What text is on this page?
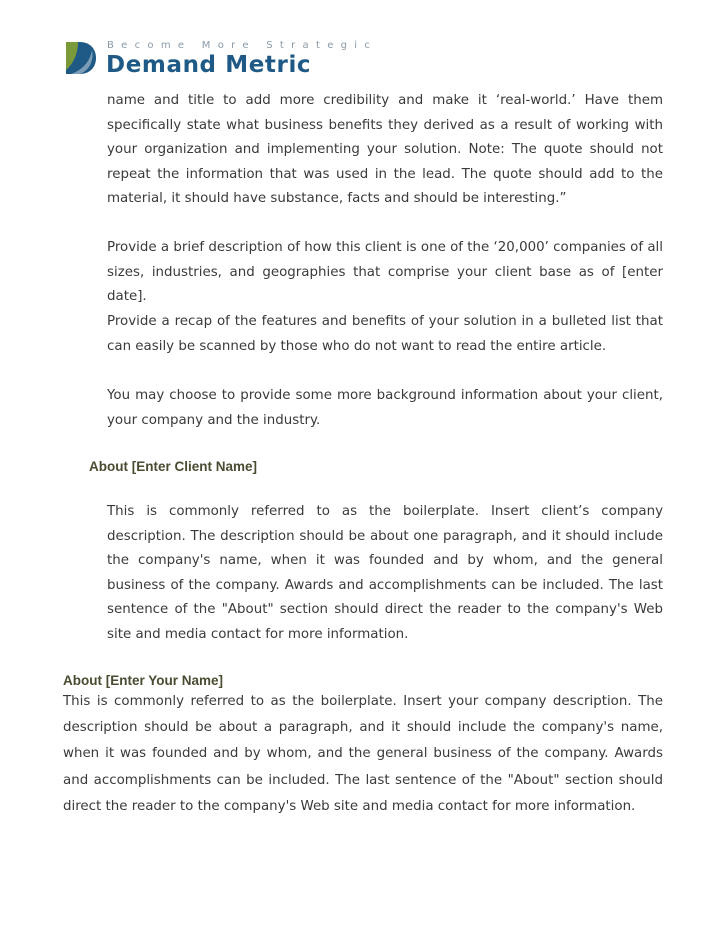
Become More Strategic
Demand Metric

name and title to add more credibility and make it ‘real-world.’ Have them specifically state what business benefits they derived as a result of working with your organization and implementing your solution. Note: The quote should not repeat the information that was used in the lead. The quote should add to the material, it should have substance, facts and should be interesting.”

Provide a brief description of how this client is one of the ‘20,000’ companies of all sizes, industries, and geographies that comprise your client base as of [enter date].

Provide a recap of the features and benefits of your solution in a bulleted list that can easily be scanned by those who do not want to read the entire article.

You may choose to provide some more background information about your client, your company and the industry.

About [Enter Client Name]

This is commonly referred to as the boilerplate. Insert client’s company description. The description should be about one paragraph, and it should include the company's name, when it was founded and by whom, and the general business of the company. Awards and accomplishments can be included. The last sentence of the "About" section should direct the reader to the company's Web site and media contact for more information.

About [Enter Your Name]

This is commonly referred to as the boilerplate. Insert your company description. The description should be about a paragraph, and it should include the company's name, when it was founded and by whom, and the general business of the company. Awards and accomplishments can be included. The last sentence of the "About" section should direct the reader to the company's Web site and media contact for more information.
